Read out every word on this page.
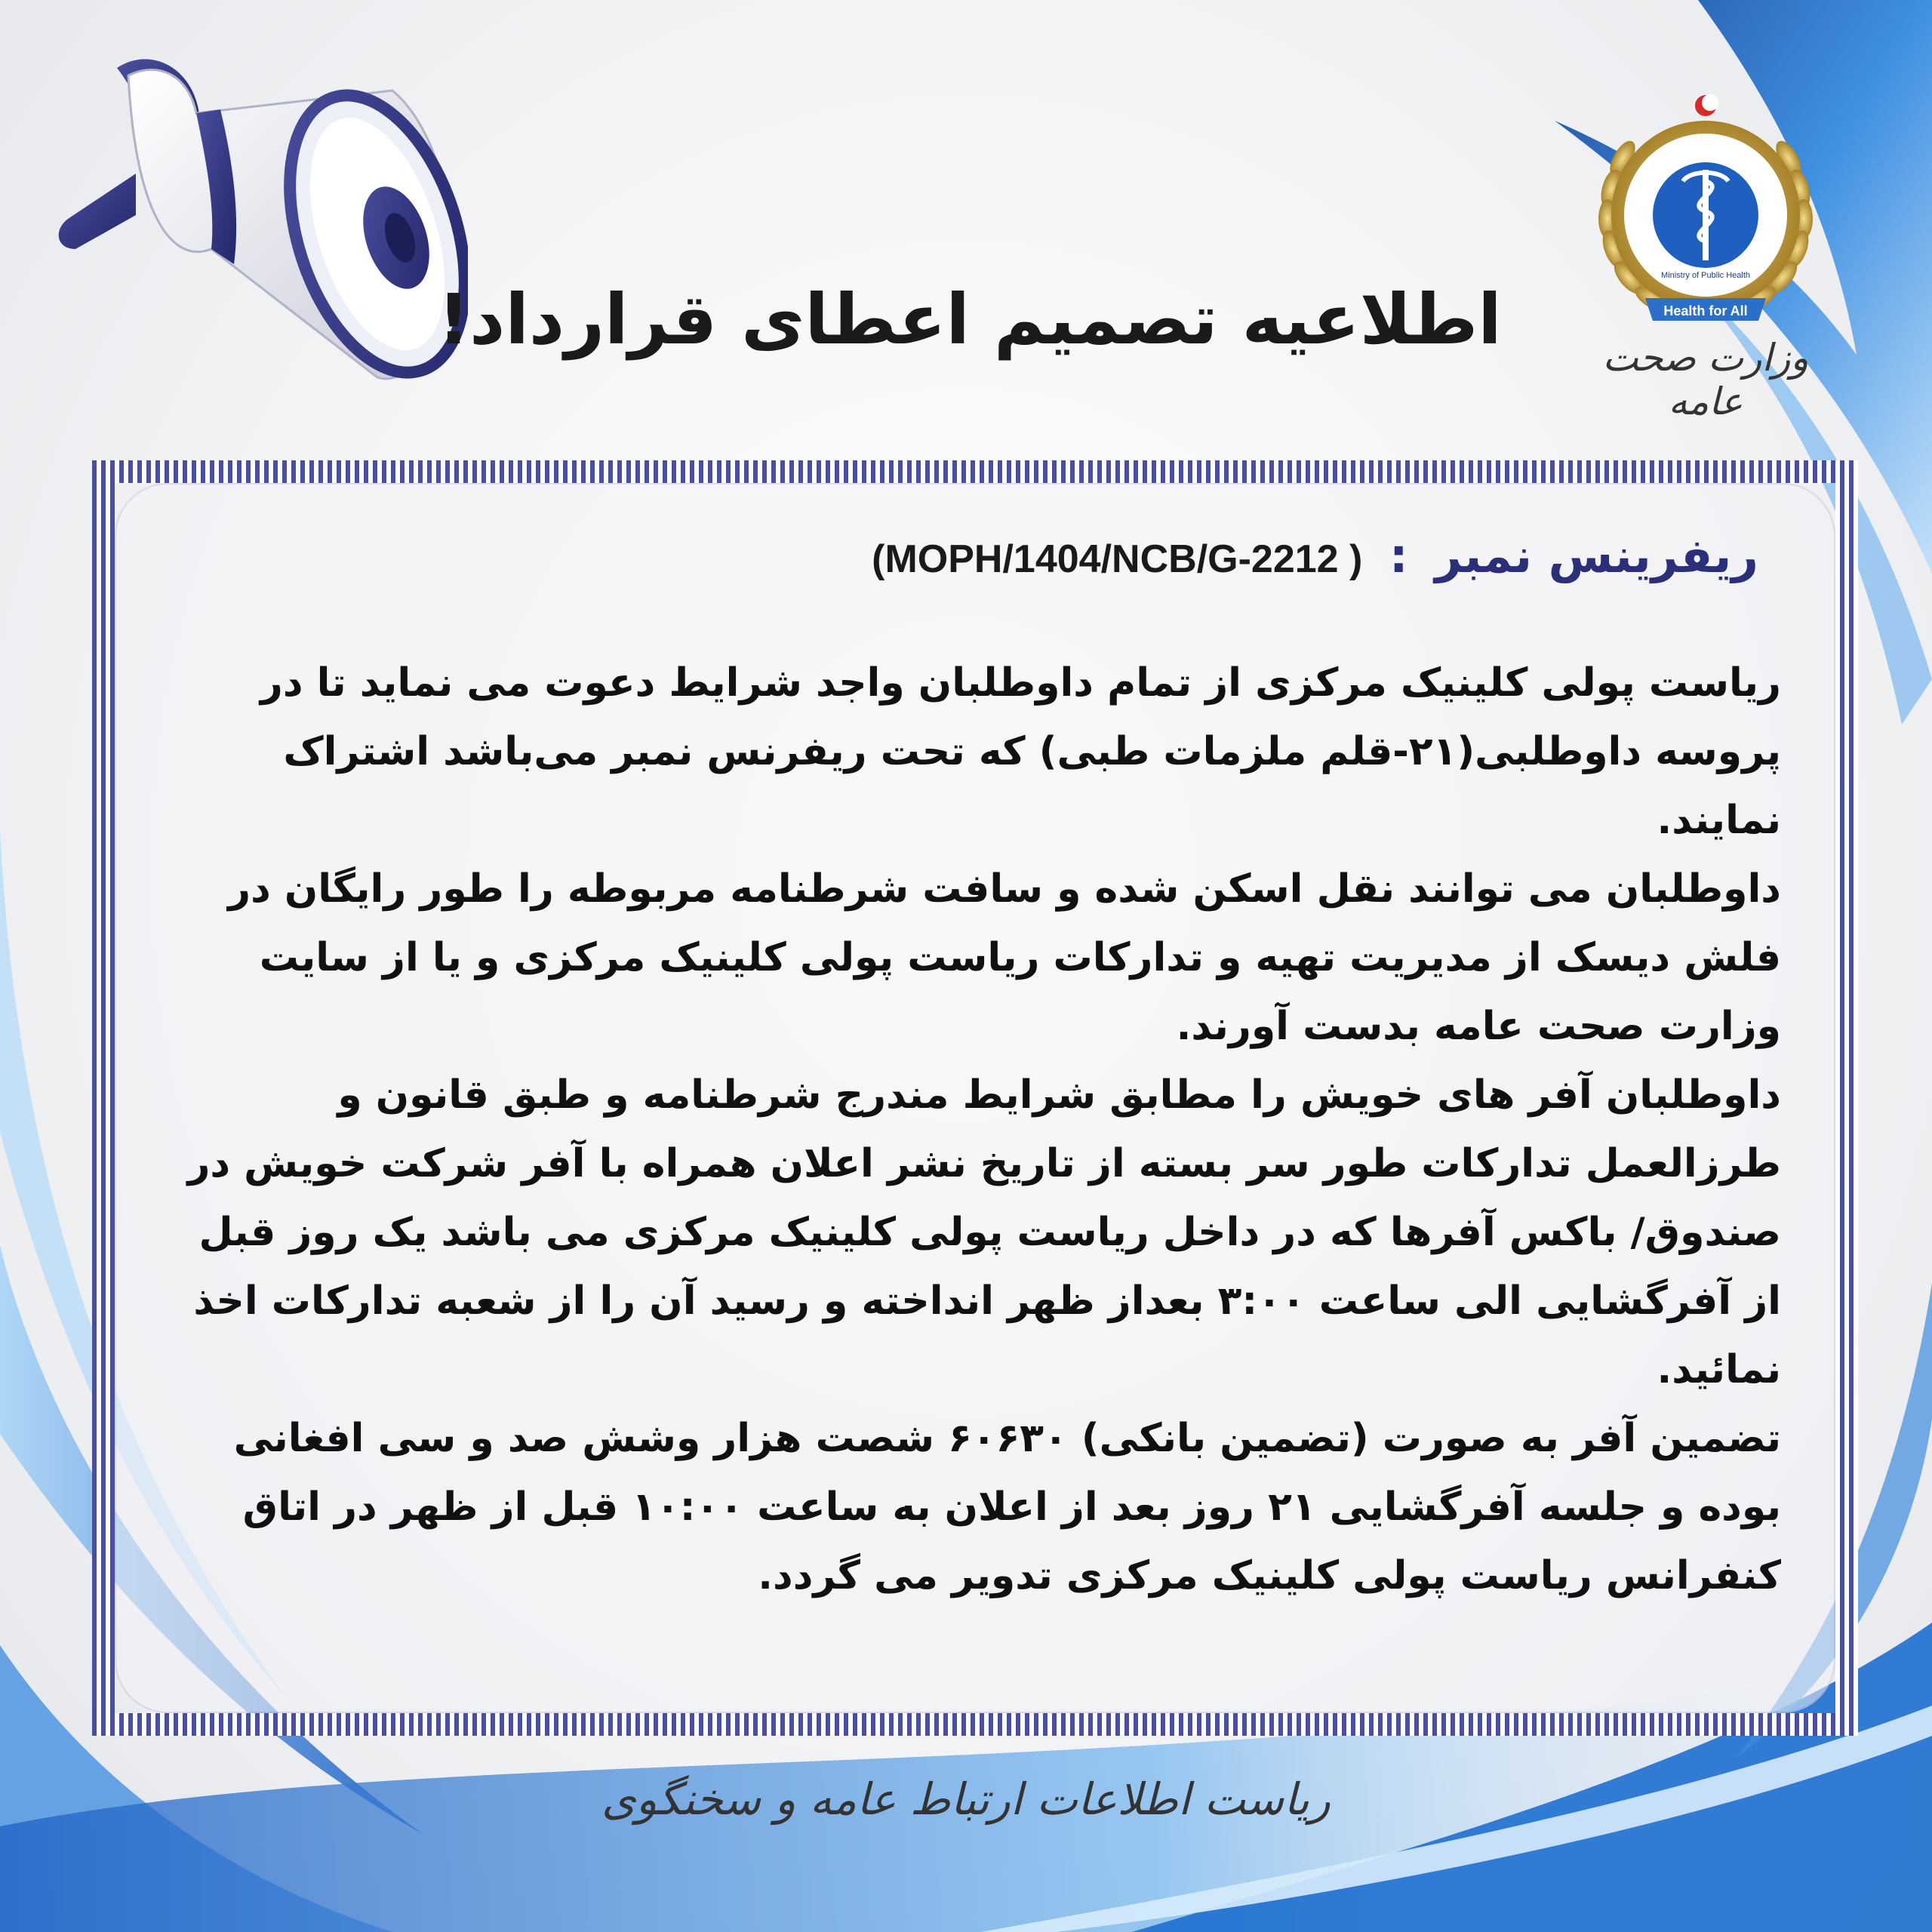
Health for All
Ministry of Public Health
وزارت صحت عامه
اطلاعیه تصمیم اعطای قرارداد!
ریفرینس نمبر : (MOPH/1404/NCB/G-2212 )

ریاست پولی کلینیک مرکزی از تمام داوطلبان واجد شرایط دعوت می نماید تا در پروسه داوطلبی(۲۱-قلم ملزمات طبی) که تحت ریفرنس نمبر می‌باشد اشتراک نمایند.

داوطلبان می توانند نقل اسکن شده و سافت شرطنامه مربوطه را طور رایگان در فلش دیسک از مدیریت تهیه و تدارکات ریاست پولی کلینیک مرکزی و یا از سایت وزارت صحت عامه بدست آورند.

داوطلبان آفر های خویش را مطابق شرایط مندرج شرطنامه و طبق قانون و طرزالعمل تدارکات طور سر بسته از تاریخ نشر اعلان همراه با آفر شرکت خویش در صندوق/ باکس آفرها که در داخل ریاست پولی کلینیک مرکزی می باشد یک روز قبل از آفرگشایی الی ساعت ۳:۰۰ بعداز ظهر انداخته و رسید آن را از شعبه تدارکات اخذ نمائید.

تضمین آفر به صورت (تضمین بانکی) ۶۰۶۳۰ شصت هزار وشش صد و سی افغانی بوده و جلسه آفرگشایی ۲۱ روز بعد از اعلان به ساعت ۱۰:۰۰ قبل از ظهر در اتاق کنفرانس ریاست پولی کلینیک مرکزی تدویر می گردد.

ریاست اطلاعات ارتباط عامه و سخنگوی
